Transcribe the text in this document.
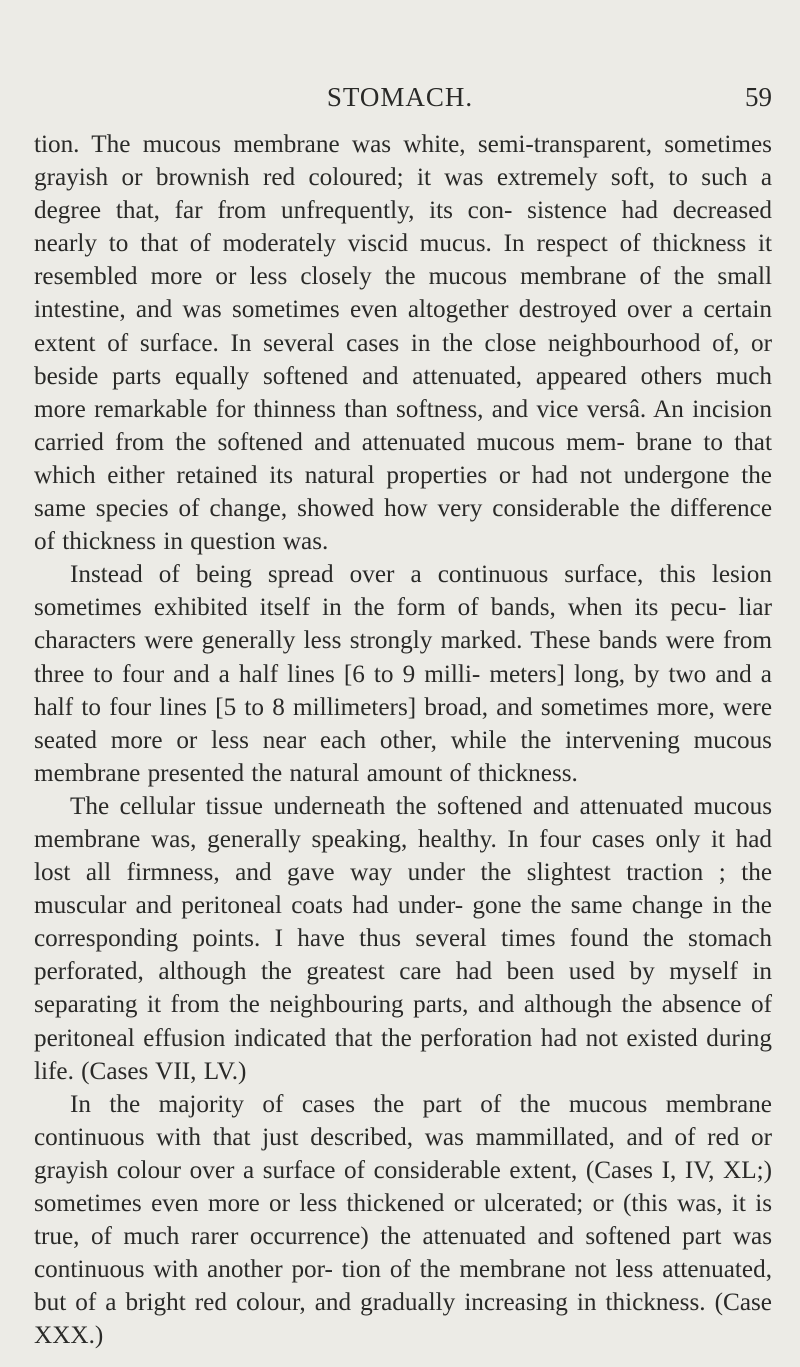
STOMACH.	59

tion. The mucous membrane was white, semi-transparent, sometimes grayish or brownish red coloured; it was extremely soft, to such a degree that, far from unfrequently, its con- sistence had decreased nearly to that of moderately viscid mucus. In respect of thickness it resembled more or less closely the mucous membrane of the small intestine, and was sometimes even altogether destroyed over a certain extent of surface. In several cases in the close neighbourhood of, or beside parts equally softened and attenuated, appeared others much more remarkable for thinness than softness, and vice versâ. An incision carried from the softened and attenuated mucous mem- brane to that which either retained its natural properties or had not undergone the same species of change, showed how very considerable the difference of thickness in question was.

Instead of being spread over a continuous surface, this lesion sometimes exhibited itself in the form of bands, when its pecu- liar characters were generally less strongly marked. These bands were from three to four and a half lines [6 to 9 milli- meters] long, by two and a half to four lines [5 to 8 millimeters] broad, and sometimes more, were seated more or less near each other, while the intervening mucous membrane presented the natural amount of thickness.

The cellular tissue underneath the softened and attenuated mucous membrane was, generally speaking, healthy. In four cases only it had lost all firmness, and gave way under the slightest traction ; the muscular and peritoneal coats had under- gone the same change in the corresponding points. I have thus several times found the stomach perforated, although the greatest care had been used by myself in separating it from the neighbouring parts, and although the absence of peritoneal effusion indicated that the perforation had not existed during life. (Cases VII, LV.)

In the majority of cases the part of the mucous membrane continuous with that just described, was mammillated, and of red or grayish colour over a surface of considerable extent, (Cases I, IV, XL;) sometimes even more or less thickened or ulcerated; or (this was, it is true, of much rarer occurrence) the attenuated and softened part was continuous with another por- tion of the membrane not less attenuated, but of a bright red colour, and gradually increasing in thickness. (Case XXX.)
